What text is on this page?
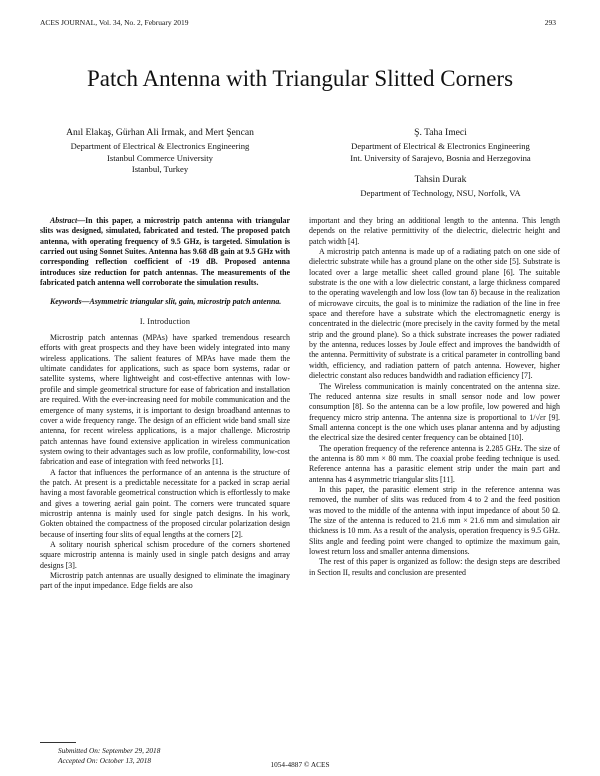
ACES JOURNAL, Vol. 34, No. 2, February 2019	293
Patch Antenna with Triangular Slitted Corners
Anıl Elakaş, Gürhan Ali Irmak, and Mert Şencan
Department of Electrical & Electronics Engineering
Istanbul Commerce University
Istanbul, Turkey
Ş. Taha Imeci
Department of Electrical & Electronics Engineering
Int. University of Sarajevo, Bosnia and Herzegovina
Tahsin Durak
Department of Technology, NSU, Norfolk, VA

Abstract—In this paper, a microstrip patch antenna with triangular slits was designed, simulated, fabricated and tested. The proposed patch antenna, with operating frequency of 9.5 GHz, is targeted. Simulation is carried out using Sonnet Suites. Antenna has 9.68 dB gain at 9.5 GHz with corresponding reflection coefficient of -19 dB. Proposed antenna introduces size reduction for patch antennas. The measurements of the fabricated patch antenna well corroborate the simulation results.

Keywords—Asymmetric triangular slit, gain, microstrip patch antenna.

I. Introduction

Microstrip patch antennas (MPAs) have sparked tremendous research efforts with great prospects and they have been widely integrated into many wireless applications. The salient features of MPAs have made them the ultimate candidates for applications, such as space born systems, radar or satellite systems, where lightweight and cost-effective antennas with low-profile and simple geometrical structure for ease of fabrication and installation are required. With the ever-increasing need for mobile communication and the emergence of many systems, it is important to design broadband antennas to cover a wide frequency range. The design of an efficient wide band small size antenna, for recent wireless applications, is a major challenge. Microstrip patch antennas have found extensive application in wireless communication system owing to their advantages such as low profile, conformability, low-cost fabrication and ease of integration with feed networks [1].

A factor that influences the performance of an antenna is the structure of the patch. At present is a predictable necessitate for a packed in scrap aerial having a most favorable geometrical construction which is effortlessly to make and gives a towering aerial gain point. The corners were truncated square microstrip antenna is mainly used for single patch designs. In his work, Gokten obtained the compactness of the proposed circular polarization design because of inserting four slits of equal lengths at the corners [2].

A solitary nourish spherical schism procedure of the corners shortened square microstrip antenna is mainly used in single patch designs and array designs [3].

Microstrip patch antennas are usually designed to eliminate the imaginary part of the input impedance. Edge fields are also

important and they bring an additional length to the antenna. This length depends on the relative permittivity of the dielectric, dielectric height and patch width [4].

A microstrip patch antenna is made up of a radiating patch on one side of dielectric substrate while has a ground plane on the other side [5]. Substrate is located over a large metallic sheet called ground plane [6]. The suitable substrate is the one with a low dielectric constant, a large thickness compared to the operating wavelength and low loss (low tan δ) because in the realization of microwave circuits, the goal is to minimize the radiation of the line in free space and therefore have a substrate which the electromagnetic energy is concentrated in the dielectric (more precisely in the cavity formed by the metal strip and the ground plane). So a thick substrate increases the power radiated by the antenna, reduces losses by Joule effect and improves the bandwidth of the antenna. Permittivity of substrate is a critical parameter in controlling band width, efficiency, and radiation pattern of patch antenna. However, higher dielectric constant also reduces bandwidth and radiation efficiency [7].

The Wireless communication is mainly concentrated on the antenna size. The reduced antenna size results in small sensor node and low power consumption [8]. So the antenna can be a low profile, low powered and high frequency micro strip antenna. The antenna size is proportional to 1/√εr [9]. Small antenna concept is the one which uses planar antenna and by adjusting the electrical size the desired center frequency can be obtained [10].

The operation frequency of the reference antenna is 2.285 GHz. The size of the antenna is 80 mm × 80 mm. The coaxial probe feeding technique is used. Reference antenna has a parasitic element strip under the main part and antenna has 4 asymmetric triangular slits [11].

In this paper, the parasitic element strip in the reference antenna was removed, the number of slits was reduced from 4 to 2 and the feed position was moved to the middle of the antenna with input impedance of about 50 Ω. The size of the antenna is reduced to 21.6 mm × 21.6 mm and simulation air thickness is 10 mm. As a result of the analysis, operation frequency is 9.5 GHz. Slits angle and feeding point were changed to optimize the maximum gain, lowest return loss and smaller antenna dimensions.

The rest of this paper is organized as follow: the design steps are described in Section II, results and conclusion are presented

Submitted On: September 29, 2018
Accepted On: October 13, 2018	1054-4887 © ACES
